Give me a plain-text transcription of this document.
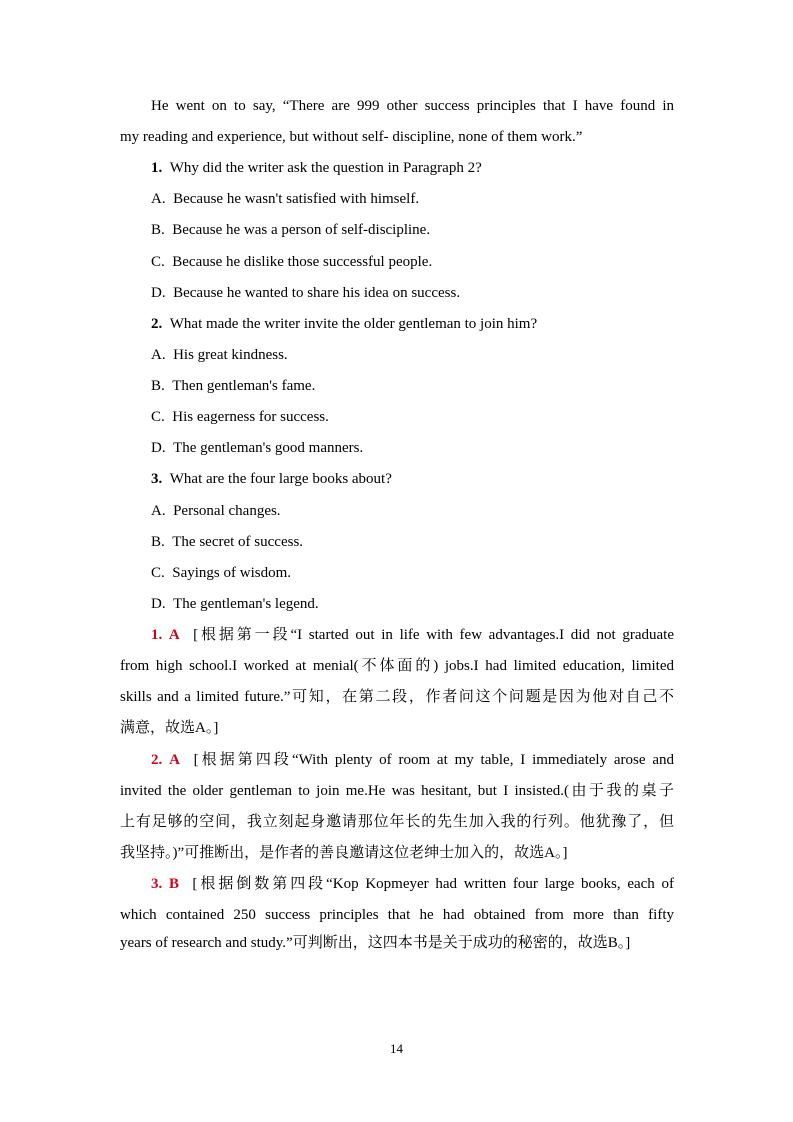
He went on to say, “There are 999 other success principles that I have found in
my reading and experience, but without self- discipline, none of them work.”
1. Why did the writer ask the question in Paragraph 2?
A.  Because he wasn't satisfied with himself.
B.  Because he was a person of self-discipline.
C.  Because he dislike those successful people.
D.  Because he wanted to share his idea on success.
2. What made the writer invite the older gentleman to join him?
A.  His great kindness.
B.  Then gentleman's fame.
C.  His eagerness for success.
D.  The gentleman's good manners.
3. What are the four large books about?
A.  Personal changes.
B.  The secret of success.
C.  Sayings of wisdom.
D.  The gentleman's legend.
1. A [根据第一段“I started out in life with few advantages.I did not graduate
from high school.I worked at menial(不体面的) jobs.I had limited education, limited
skills and a limited future.”可知，在第二段，作者问这个问题是因为他对自己不
满意，故选A。]
2. A [根据第四段“With plenty of room at my table, I immediately arose and
invited the older gentleman to join me.He was hesitant, but I insisted.(由于我的桌子
上有足够的空间，我立刻起身邀请那位年长的先生加入我的行列。他犹豫了，但
我坚持。)”可推断出，是作者的善良邀请这位老绅士加入的，故选A。]
3. B [根据倒数第四段“Kop Kopmeyer had written four large books, each of
which contained 250 success principles that he had obtained from more than fifty
years of research and study.”可判断出，这四本书是关于成功的秘密的，故选B。]
14
